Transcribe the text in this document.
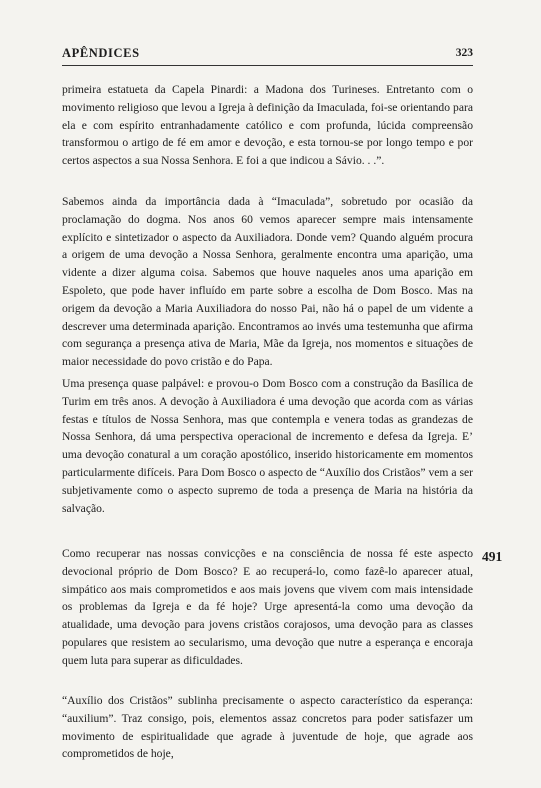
APÊNDICES	323

primeira estatueta da Capela Pinardi: a Madona dos Turineses. Entretanto com o movimento religioso que levou a Igreja à definição da Imaculada, foi-se orientando para ela e com espírito entranhadamente católico e com profunda, lúcida compreensão transformou o artigo de fé em amor e devoção, e esta tornou-se por longo tempo e por certos aspectos a sua Nossa Senhora. E foi a que indicou a Sávio. . .”.

Sabemos ainda da importância dada à “Imaculada”, sobretudo por ocasião da proclamação do dogma. Nos anos 60 vemos aparecer sempre mais intensamente explícito e sintetizador o aspecto da Auxiliadora. Donde vem? Quando alguém procura a origem de uma devoção a Nossa Senhora, geralmente encontra uma aparição, uma vidente a dizer alguma coisa. Sabemos que houve naqueles anos uma aparição em Espoleto, que pode haver influído em parte sobre a escolha de Dom Bosco. Mas na origem da devoção a Maria Auxiliadora do nosso Pai, não há o papel de um vidente a descrever uma determinada aparição. Encontramos ao invés uma testemunha que afirma com segurança a presença ativa de Maria, Mãe da Igreja, nos momentos e situações de maior necessidade do povo cristão e do Papa.

Uma presença quase palpável: e provou-o Dom Bosco com a construção da Basílica de Turim em três anos. A devoção à Auxiliadora é uma devoção que acorda com as várias festas e títulos de Nossa Senhora, mas que contempla e venera todas as grandezas de Nossa Senhora, dá uma perspectiva operacional de incremento e defesa da Igreja. E’ uma devoção conatural a um coração apostólico, inserido historicamente em momentos particularmente difíceis. Para Dom Bosco o aspecto de “Auxílio dos Cristãos” vem a ser subjetivamente como o aspecto supremo de toda a presença de Maria na história da salvação.

Como recuperar nas nossas convicções e na consciência de nossa fé este aspecto devocional próprio de Dom Bosco? E ao recuperá-lo, como fazê-lo aparecer atual, simpático aos mais comprometidos e aos mais jovens que vivem com mais intensidade os problemas da Igreja e da fé hoje? Urge apresentá-la como uma devoção da atualidade, uma devoção para jovens cristãos corajosos, uma devoção para as classes populares que resistem ao secularismo, uma devoção que nutre a esperança e encoraja quem luta para superar as dificuldades.

“Auxílio dos Cristãos” sublinha precisamente o aspecto característico da esperança: “auxilium”. Traz consigo, pois, elementos assaz concretos para poder satisfazer um movimento de espiritualidade que agrade à juventude de hoje, que agrade aos comprometidos de hoje,

491
